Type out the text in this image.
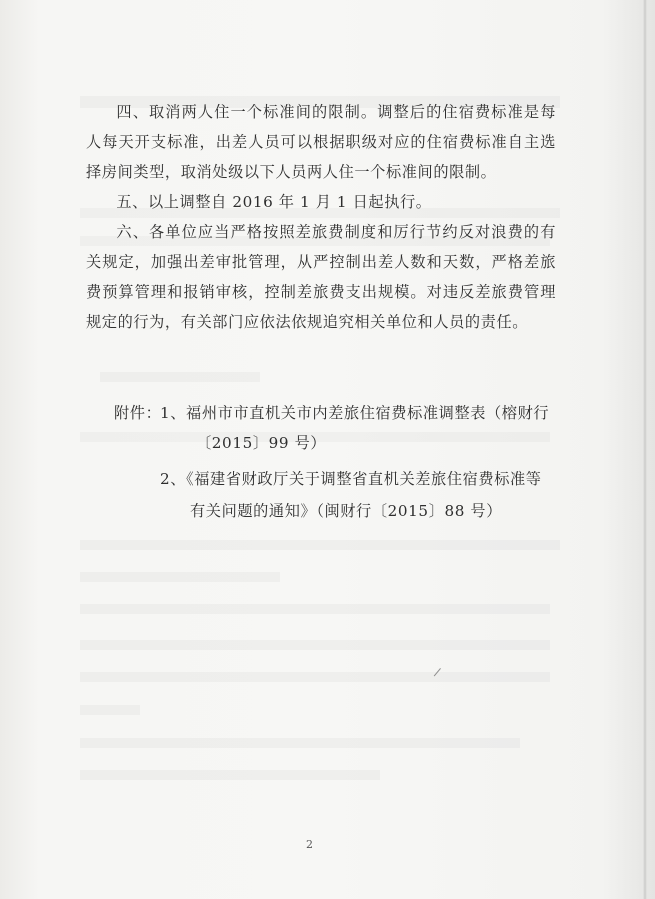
四、取消两人住一个标准间的限制。调整后的住宿费标准是每人每天开支标准，出差人员可以根据职级对应的住宿费标准自主选择房间类型，取消处级以下人员两人住一个标准间的限制。

五、以上调整自 2016 年 1 月 1 日起执行。

六、各单位应当严格按照差旅费制度和厉行节约反对浪费的有关规定，加强出差审批管理，从严控制出差人数和天数，严格差旅费预算管理和报销审核，控制差旅费支出规模。对违反差旅费管理规定的行为，有关部门应依法依规追究相关单位和人员的责任。

附件：
1、福州市市直机关市内差旅住宿费标准调整表（榕财行
〔2015〕99 号）
2、《福建省财政厅关于调整省直机关差旅住宿费标准等
有关问题的通知》（闽财行〔2015〕88 号）
2
